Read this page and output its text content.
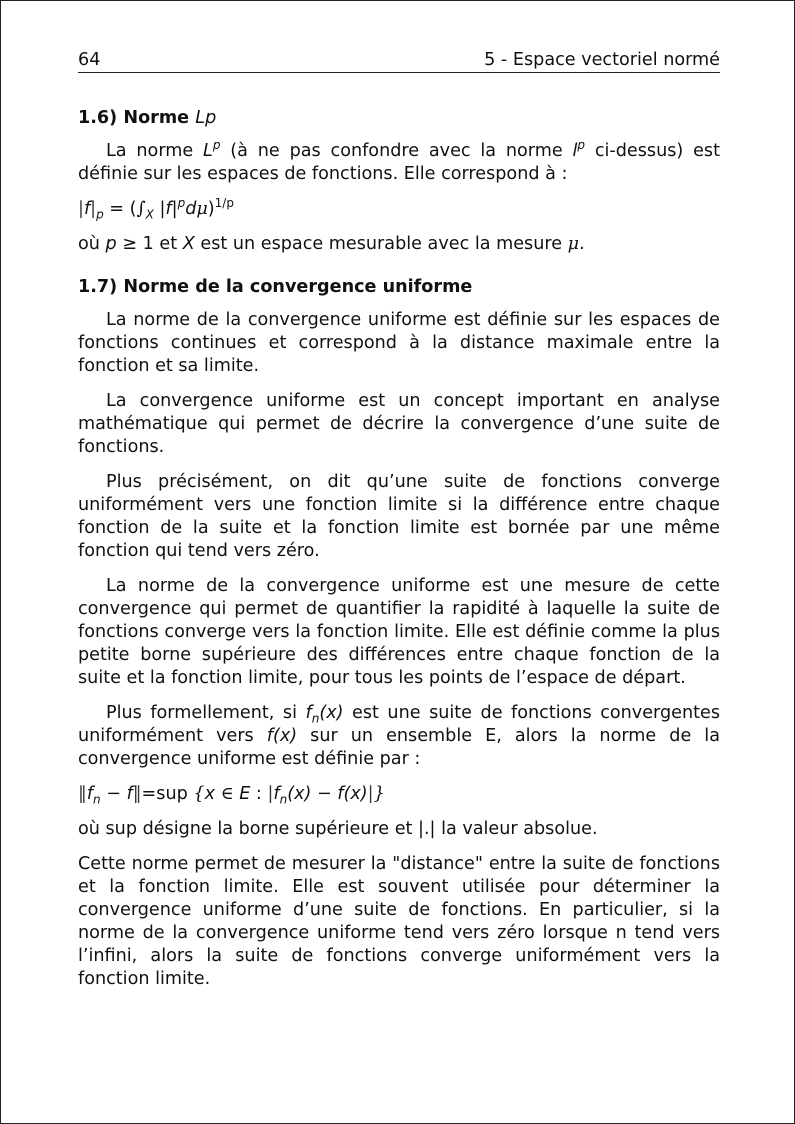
64	5 - Espace vectoriel normé
1.6) Norme Lp

La norme $L^p$ (à ne pas confondre avec la norme $l^p$ ci-dessus) est définie sur les espaces de fonctions. Elle correspond à :

$|f|_p = (\int_X$ $|f|^pd\mu)^{1/p}$

où p ≥ 1 et X est un espace mesurable avec la mesure μ.

1.7) Norme de la convergence uniforme

La norme de la convergence uniforme est définie sur les espaces de fonctions continues et correspond à la distance maximale entre la fonction et sa limite.

La convergence uniforme est un concept important en analyse mathématique qui permet de décrire la convergence d’une suite de fonctions.

Plus précisément, on dit qu’une suite de fonctions converge uniformément vers une fonction limite si la différence entre chaque fonction de la suite et la fonction limite est bornée par une même fonction qui tend vers zéro.

La norme de la convergence uniforme est une mesure de cette convergence qui permet de quantifier la rapidité à laquelle la suite de fonctions converge vers la fonction limite. Elle est définie comme la plus petite borne supérieure des différences entre chaque fonction de la suite et la fonction limite, pour tous les points de l’espace de départ.

Plus formellement, si $f_n(x)$ est une suite de fonctions convergentes uniformément vers f(x) sur un ensemble E, alors la norme de la convergence uniforme est définie par :

$‖f_n$ − f‖=sup {x ∈ E : $|f_n(x) - f(x)|$}

où sup désigne la borne supérieure et |.| la valeur absolue.

Cette norme permet de mesurer la "distance" entre la suite de fonctions et la fonction limite. Elle est souvent utilisée pour déterminer la convergence uniforme d’une suite de fonctions. En particulier, si la norme de la convergence uniforme tend vers zéro lorsque n tend vers l’infini, alors la suite de fonctions converge uniformément vers la fonction limite.
